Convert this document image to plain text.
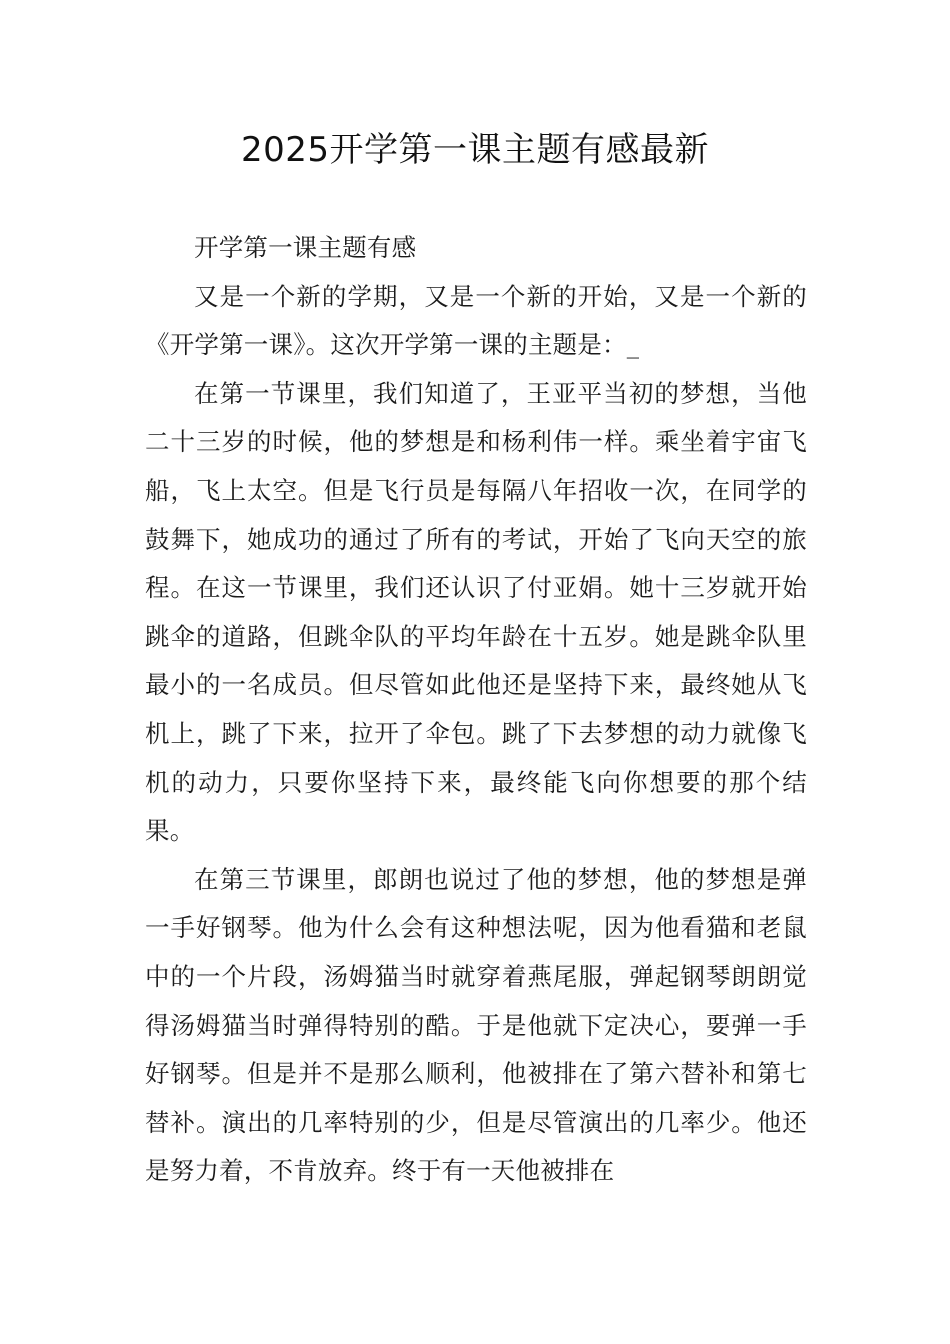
2025开学第一课主题有感最新

开学第一课主题有感

又是一个新的学期，又是一个新的开始，又是一个新的《开学第一课》。这次开学第一课的主题是：_

在第一节课里，我们知道了，王亚平当初的梦想，当他二十三岁的时候，他的梦想是和杨利伟一样。乘坐着宇宙飞船，飞上太空。但是飞行员是每隔八年招收一次，在同学的鼓舞下，她成功的通过了所有的考试，开始了飞向天空的旅程。在这一节课里，我们还认识了付亚娟。她十三岁就开始跳伞的道路，但跳伞队的平均年龄在十五岁。她是跳伞队里最小的一名成员。但尽管如此他还是坚持下来，最终她从飞机上，跳了下来，拉开了伞包。跳了下去梦想的动力就像飞机的动力，只要你坚持下来，最终能飞向你想要的那个结果。

在第三节课里，郎朗也说过了他的梦想，他的梦想是弹一手好钢琴。他为什么会有这种想法呢，因为他看猫和老鼠中的一个片段，汤姆猫当时就穿着燕尾服，弹起钢琴朗朗觉得汤姆猫当时弹得特别的酷。于是他就下定决心，要弹一手好钢琴。但是并不是那么顺利，他被排在了第六替补和第七替补。演出的几率特别的少，但是尽管演出的几率少。他还是努力着，不肯放弃。终于有一天他被排在
